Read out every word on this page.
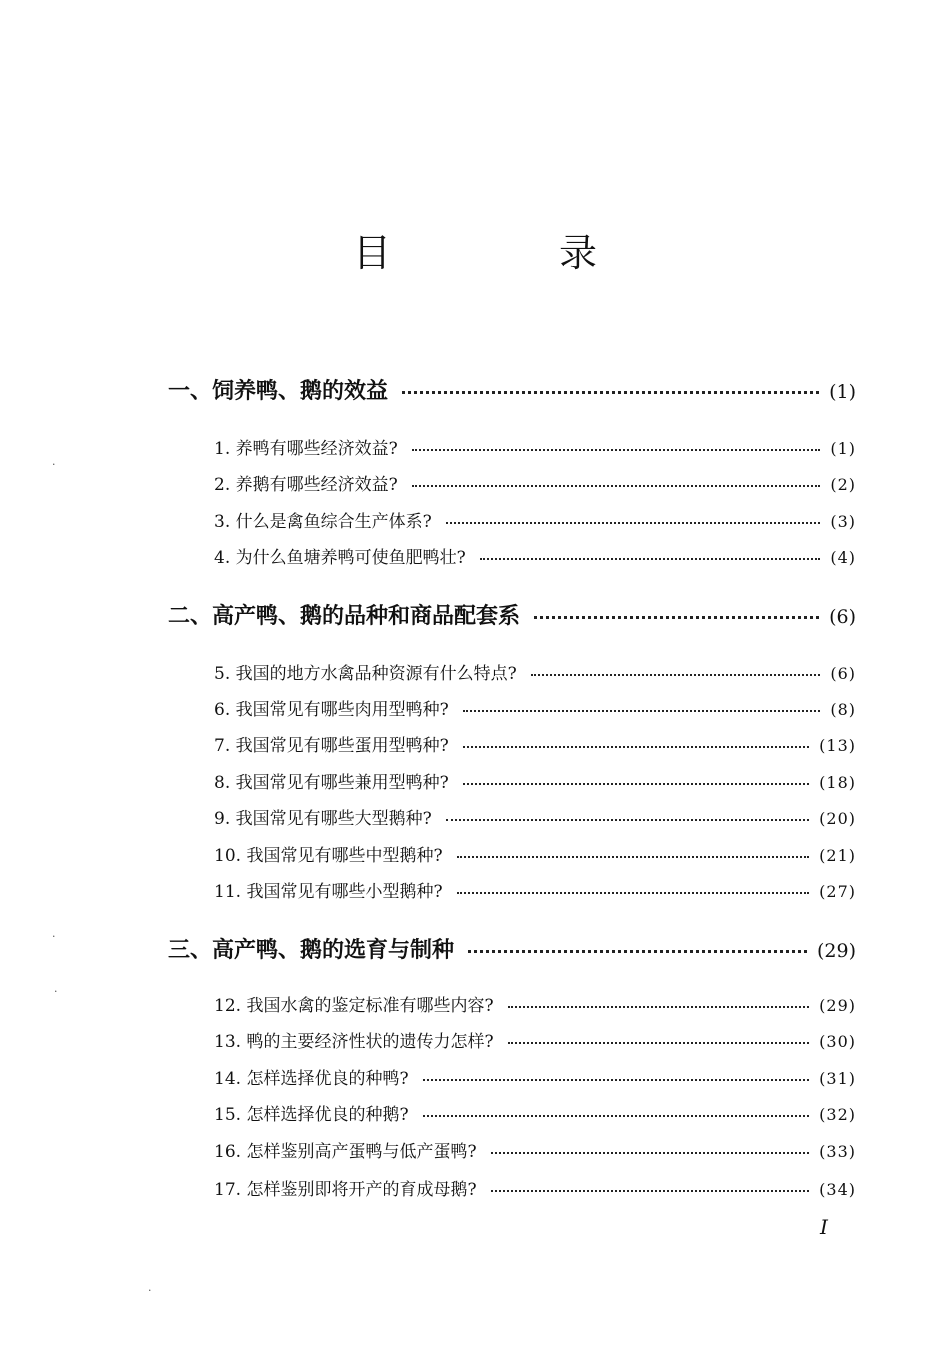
目 录
一、饲养鸭、鹅的效益	(1)
1. 养鸭有哪些经济效益?	(1)
2. 养鹅有哪些经济效益?	(2)
3. 什么是禽鱼综合生产体系?	(3)
4. 为什么鱼塘养鸭可使鱼肥鸭壮?	(4)
二、高产鸭、鹅的品种和商品配套系	(6)
5. 我国的地方水禽品种资源有什么特点?	(6)
6. 我国常见有哪些肉用型鸭种?	(8)
7. 我国常见有哪些蛋用型鸭种?	(13)
8. 我国常见有哪些兼用型鸭种?	(18)
9. 我国常见有哪些大型鹅种?	(20)
10. 我国常见有哪些中型鹅种?	(21)
11. 我国常见有哪些小型鹅种?	(27)
三、高产鸭、鹅的选育与制种	(29)
12. 我国水禽的鉴定标准有哪些内容?	(29)
13. 鸭的主要经济性状的遗传力怎样?	(30)
14. 怎样选择优良的种鸭?	(31)
15. 怎样选择优良的种鹅?	(32)
16. 怎样鉴别高产蛋鸭与低产蛋鸭?	(33)
17. 怎样鉴别即将开产的育成母鹅?	(34)
I
·
·
·
·
